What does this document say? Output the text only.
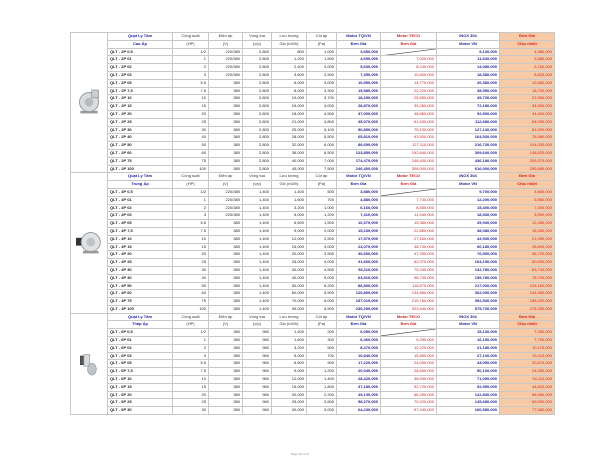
	Quạt Ly Tâm	Công suất	Điện áp	Vòng tua	Lưu lượng	Cột áp	Motor TQ/VN	Motor TECO	INOX 304	Đơn Giá
	Cao Áp	(HP)	(V)	(v/p)	Gió (m3/h)	(Pa)	Đơn Giá	Đơn Giá	Motor VN	Chịu nhiệt
	QLT - 2P 0,5	1/2	220/380	2,800	800	1,000	3,650,000		9,130,000	4,380,000
	QLT - 2P 01	1	220/380	2,800	1,200	1,500	4,650,000	7,020,000	11,630,000	5,580,000
	QLT - 2P 02	2	220/380	2,800	2,400	2,000	5,630,000	8,240,000	14,080,000	6,760,000
	QLT - 2P 03	3	220/380	2,800	3,600	2,500	7,350,000	10,800,000	18,380,000	8,820,000
	QLT - 2P 05	5.5	380	2,800	6,000	3,000	10,550,000	14,770,000	26,380,000	12,660,000
	QLT - 2P 7,5	7.5	380	2,800	8,000	3,300	15,580,000	22,220,000	38,950,000	18,700,000
	QLT - 2P 10	10	380	2,800	10,000	3,700	18,290,000	25,550,000	45,730,000	21,950,000
	QLT - 2P 15	15	380	2,800	15,000	4,000	28,870,000	39,260,000	72,180,000	34,650,000
	QLT - 2P 20	20	380	2,800	18,000	4,500	37,000,000	48,860,000	92,500,000	44,400,000
	QLT - 2P 25	25	380	2,800	21,000	4,800	45,070,000	61,630,000	112,680,000	54,090,000
	QLT - 2P 30	30	380	2,800	25,000	5,100	50,850,000	75,130,000	127,130,000	61,020,000
	QLT - 2P 40	40	380	2,800	28,000	5,500	65,810,000	93,500,000	164,530,000	78,980,000
	QLT - 2P 50	50	380	2,800	32,000	6,000	86,690,000	127,110,000	216,730,000	104,030,000
	QLT - 2P 60	60	380	2,800	36,000	6,500	123,850,000	192,640,000	309,640,000	148,620,000
	QLT - 2P 75	75	380	2,800	40,000	7,000	174,470,000	246,400,000	436,180,000	209,370,000
	QLT - 2P 100	100	380	2,800	45,000	7,500	246,400,000	308,000,000	616,000,000	295,680,000

	Quạt Ly Tâm	Công suất	Điện áp	Vòng tua	Lưu lượng	Cột áp	Motor TQ/VN	Motor TECO	INOX 304	Đơn Giá
	Trung Áp	(HP)	(V)	(v/p)	Gió (m3/h)	(Pa)	Đơn Giá	Đơn Giá	Motor VN	Chịu nhiệt
	QLT - 4P 0,5	1/2	220/380	1,400	1,400	500	3,880,000		9,700,000	4,660,000
	QLT - 4P 01	1	220/380	1,400	1,600	700	4,880,000	7,740,000	12,200,000	5,860,000
	QLT - 4P 02	2	220/380	1,400	3,200	1,000	6,160,000	8,550,000	15,400,000	7,400,000
	QLT - 4P 03	3	220/380	1,400	5,000	1,200	7,410,000	11,040,000	18,530,000	8,900,000
	QLT - 4P 05	5.5	380	1,400	6,500	1,500	10,370,000	15,380,000	25,930,000	12,450,000
	QLT - 4P 7,5	7.5	380	1,400	9,000	2,000	15,230,000	22,860,000	38,080,000	18,280,000
	QLT - 4P 10	10	380	1,400	12,000	2,500	17,570,000	27,160,000	43,930,000	21,090,000
	QLT - 4P 15	15	380	1,400	15,000	3,000	24,070,000	38,730,000	60,180,000	28,890,000
	QLT - 4P 20	20	380	1,400	20,000	3,500	30,600,000	47,390,000	76,500,000	36,720,000
	QLT - 4P 25	25	380	1,400	25,000	4,000	41,660,000	62,070,000	104,150,000	50,000,000
	QLT - 4P 30	30	380	1,400	30,000	4,500	53,110,000	75,240,000	132,780,000	63,740,000
	QLT - 4P 40	40	380	1,400	40,000	5,000	63,910,000	98,730,000	159,780,000	76,700,000
	QLT - 4P 50	50	380	1,400	50,000	5,200	86,800,000	118,670,000	217,000,000	104,160,000
	QLT - 4P 60	60	380	1,400	60,000	5,500	120,800,000	134,850,000	302,000,000	144,960,000
	QLT - 4P 75	75	380	1,400	70,000	6,000	157,010,000	215,760,000	392,530,000	188,420,000
	QLT - 4P 100	100	380	1,400	95,000	6,500	230,290,000	323,640,000	575,730,000	276,350,000

	Quạt Ly Tâm	Công suất	Điện áp	Vòng tua	Lưu lượng	Cột áp	Motor TQ/VN	Motor TECO	INOX 304	Đơn Giá
	Thấp Áp	(HP)	(V)	(v/p)	Gió (m3/h)	(Pa)	Đơn Giá	Đơn Giá	Motor VN	Chịu nhiệt
	QLT - 6P 0,5	1/2	380	960	1,400	200	6,050,000		15,130,000	7,260,000
	QLT - 6P 01	1	380	960	1,600	300	6,460,000	9,290,000	16,150,000	7,750,000
	QLT - 6P 02	2	380	960	3,200	500	8,470,000	12,220,000	21,180,000	10,170,000
	QLT - 6P 03	3	380	960	5,000	700	10,840,000	15,850,000	27,100,000	13,010,000
	QLT - 6P 05	5.5	380	960	6,500	900	17,220,000	24,000,000	43,050,000	20,670,000
	QLT - 6P 7,5	7.5	380	960	9,000	1,200	20,040,000	28,650,000	50,100,000	24,050,000
	QLT - 6P 10	10	380	960	12,000	1,400	28,420,000	38,930,000	71,050,000	34,110,000
	QLT - 6P 15	15	380	960	15,000	1,800	37,180,000	52,720,000	92,950,000	44,620,000
	QLT - 6P 20	20	380	960	20,000	2,200	49,130,000	66,250,000	122,830,000	58,960,000
	QLT - 6P 25	25	380	960	25,000	2,600	58,270,000	79,220,000	145,680,000	69,930,000
	QLT - 6P 30	30	380	960	30,000	3,000	64,230,000	97,040,000	160,580,000	77,080,000
Page 10 of 11
